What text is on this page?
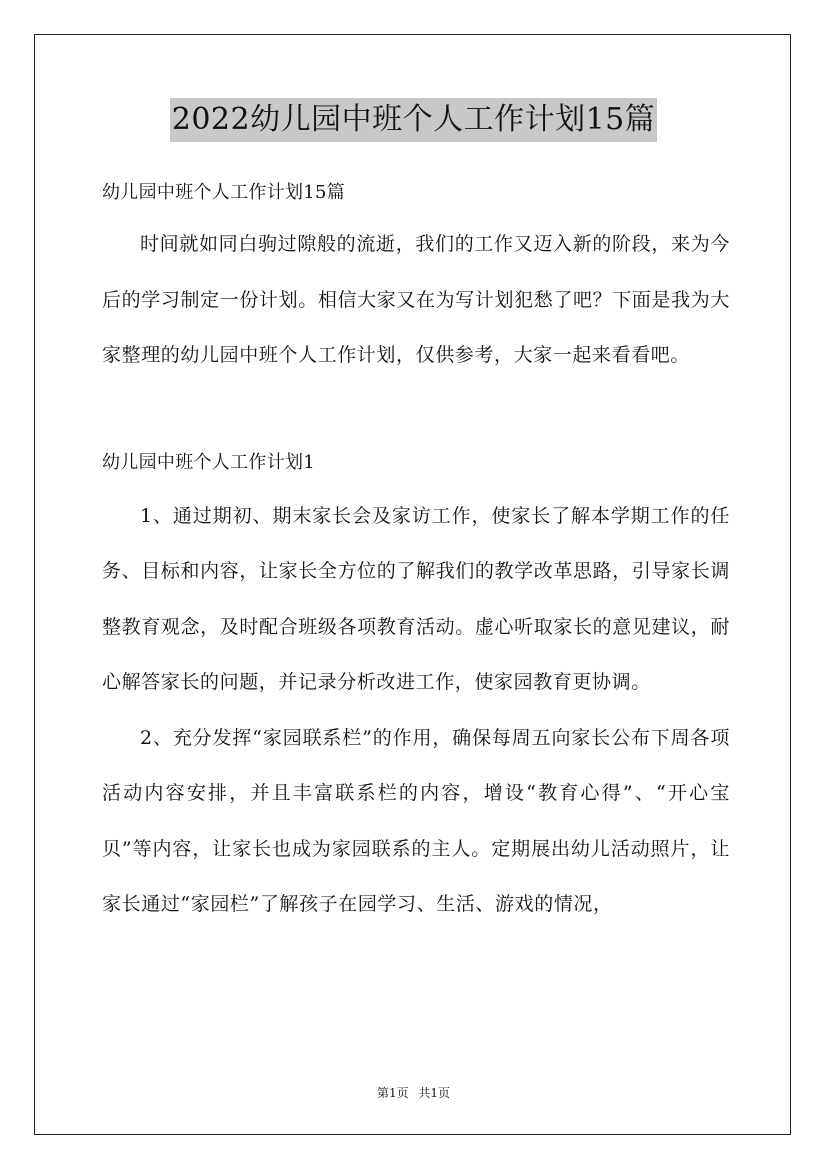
2022幼儿园中班个人工作计划15篇

幼儿园中班个人工作计划15篇

时间就如同白驹过隙般的流逝，我们的工作又迈入新的阶段，来为今后的学习制定一份计划。相信大家又在为写计划犯愁了吧？下面是我为大家整理的幼儿园中班个人工作计划，仅供参考，大家一起来看看吧。

幼儿园中班个人工作计划1

1、通过期初、期末家长会及家访工作，使家长了解本学期工作的任务、目标和内容，让家长全方位的了解我们的教学改革思路，引导家长调整教育观念，及时配合班级各项教育活动。虚心听取家长的意见建议，耐心解答家长的问题，并记录分析改进工作，使家园教育更协调。

2、充分发挥“家园联系栏”的作用，确保每周五向家长公布下周各项活动内容安排，并且丰富联系栏的内容，增设“教育心得”、“开心宝贝”等内容，让家长也成为家园联系的主人。定期展出幼儿活动照片，让家长通过“家园栏”了解孩子在园学习、生活、游戏的情况，

第1页 共1页
